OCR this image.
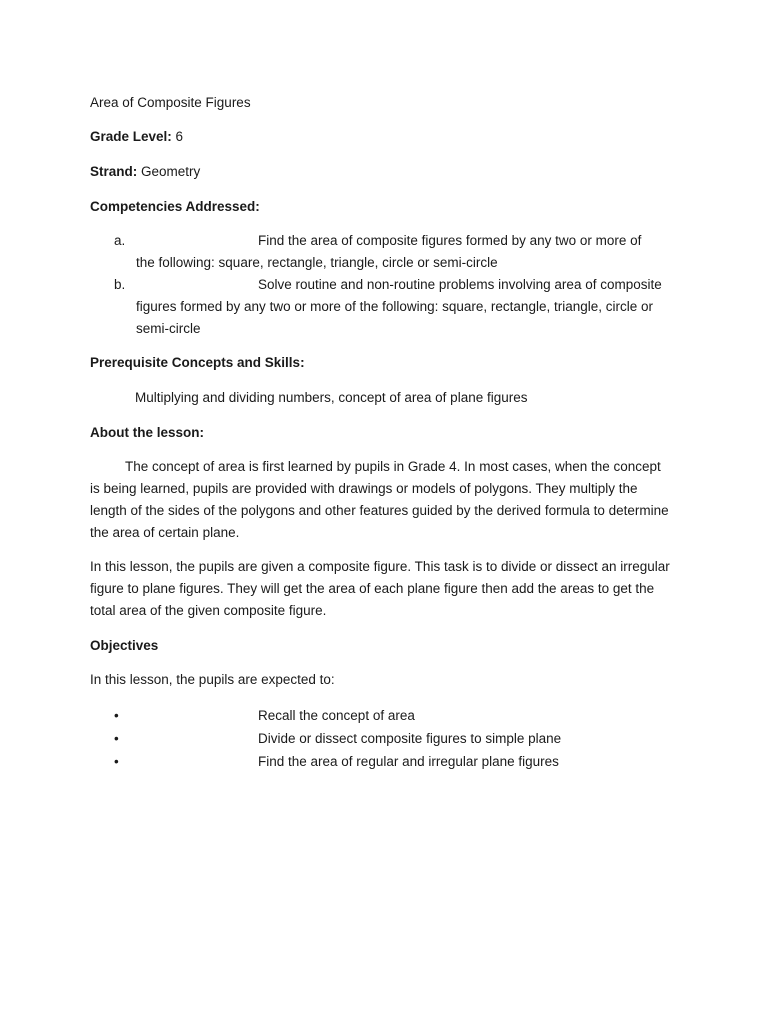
Area of Composite Figures
Grade Level: 6
Strand: Geometry
Competencies Addressed:
a.	Find the area of composite figures formed by any two or more of
the following: square, rectangle, triangle, circle or semi-circle
b.	Solve routine and non-routine problems involving area of composite
figures formed by any two or more of the following: square, rectangle, triangle, circle or
semi-circle
Prerequisite Concepts and Skills:
Multiplying and dividing numbers, concept of area of plane figures
About the lesson:
The concept of area is first learned by pupils in Grade 4. In most cases, when the concept is being learned, pupils are provided with drawings or models of polygons. They multiply the length of the sides of the polygons and other features guided by the derived formula to determine the area of certain plane.
In this lesson, the pupils are given a composite figure. This task is to divide or dissect an irregular figure to plane figures. They will get the area of each plane figure then add the areas to get the total area of the given composite figure.
Objectives
In this lesson, the pupils are expected to:
•	Recall the concept of area
•	Divide or dissect composite figures to simple plane
•	Find the area of regular and irregular plane figures
